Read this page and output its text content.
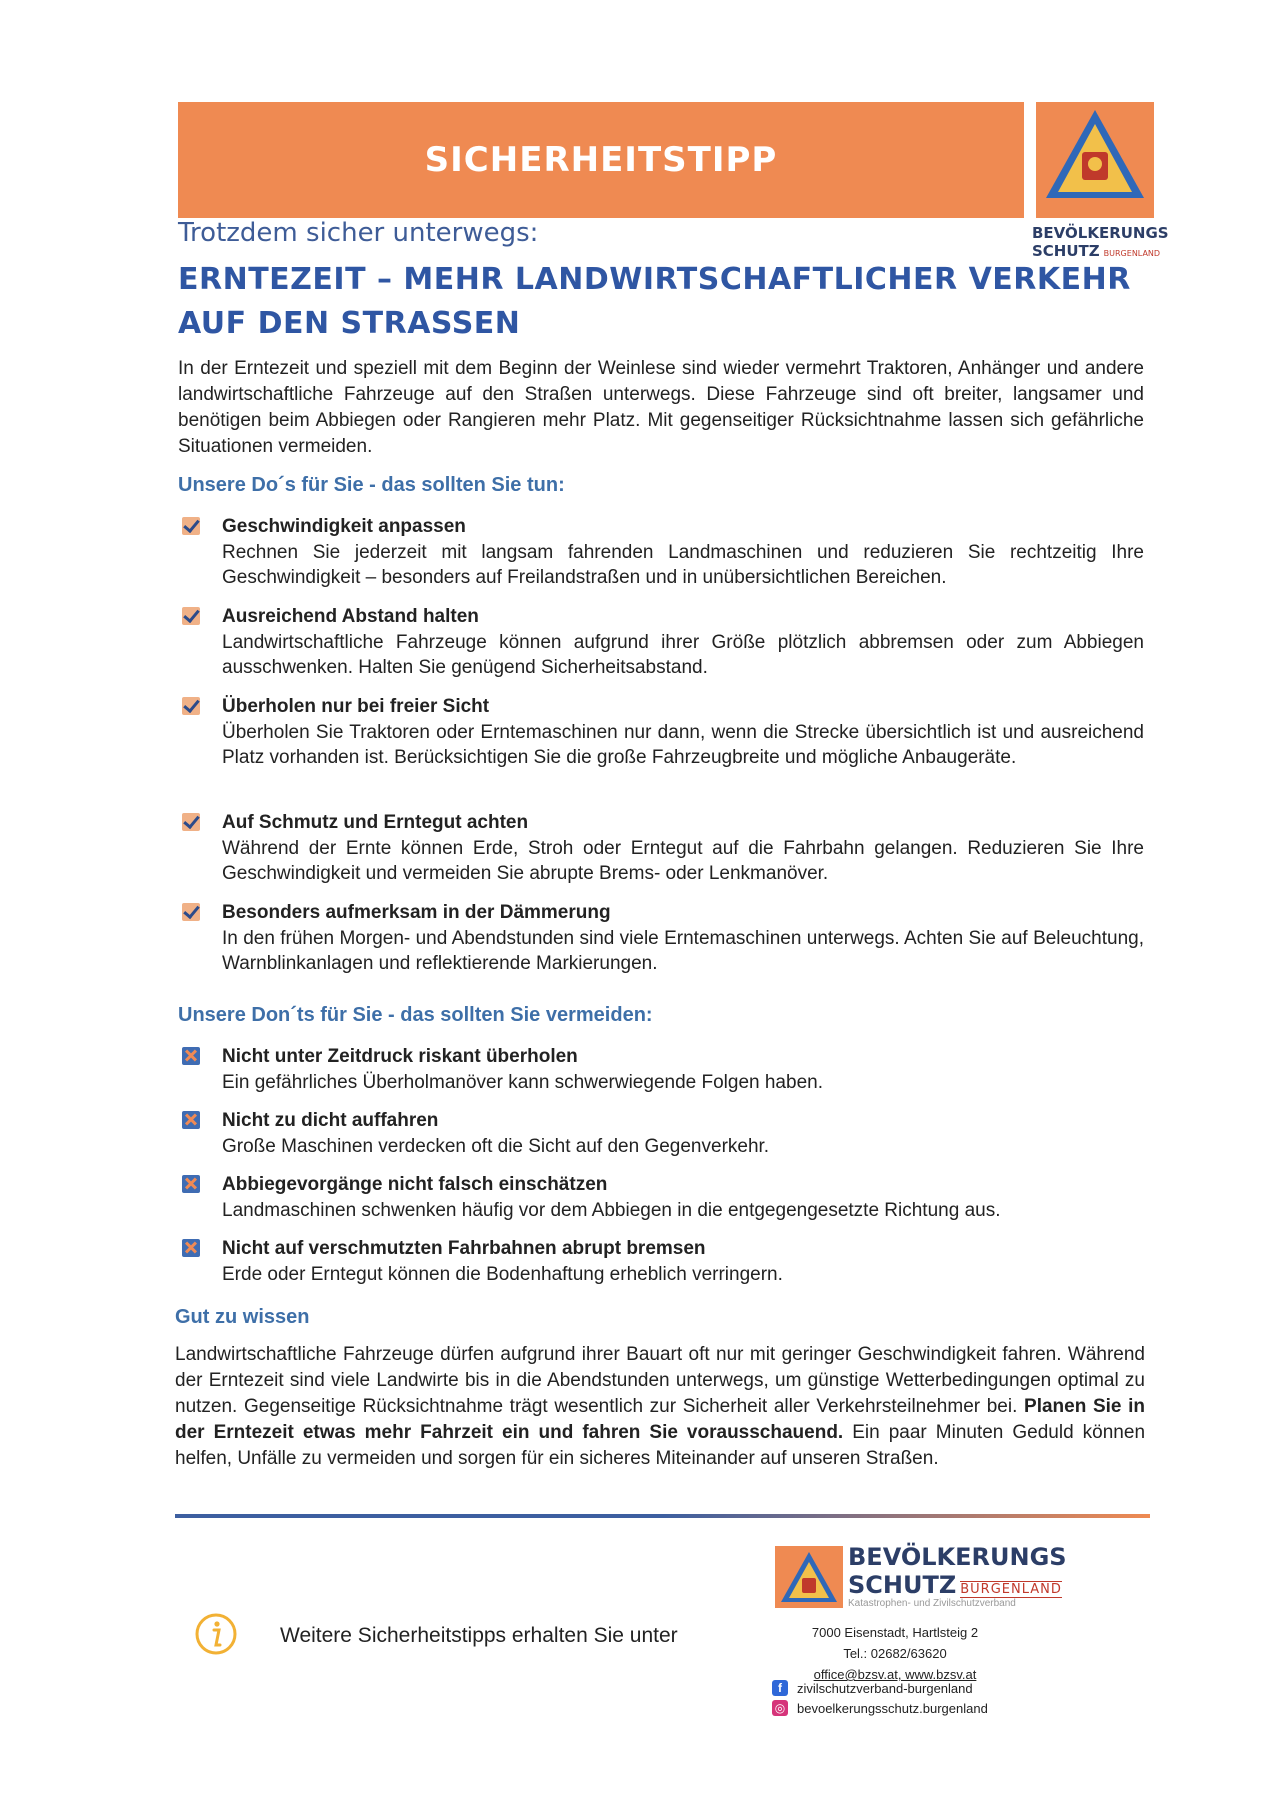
SICHERHEITSTIPP
BEVÖLKERUNGS
SCHUTZ BURGENLAND
Trotzdem sicher unterwegs:
ERNTEZEIT – MEHR LANDWIRTSCHAFTLICHER VERKEHR AUF DEN STRASSEN
In der Erntezeit und speziell mit dem Beginn der Weinlese sind wieder vermehrt Traktoren, Anhänger und andere landwirtschaftliche Fahrzeuge auf den Straßen unterwegs. Diese Fahrzeuge sind oft breiter, langsamer und benötigen beim Abbiegen oder Rangieren mehr Platz. Mit gegenseitiger Rücksichtnahme lassen sich gefährliche Situationen vermeiden.
Unsere Do´s für Sie - das sollten Sie tun:
Geschwindigkeit anpassen
Rechnen Sie jederzeit mit langsam fahrenden Landmaschinen und reduzieren Sie rechtzeitig Ihre Geschwindigkeit – besonders auf Freilandstraßen und in unübersichtlichen Bereichen.
Ausreichend Abstand halten
Landwirtschaftliche Fahrzeuge können aufgrund ihrer Größe plötzlich abbremsen oder zum Abbiegen ausschwenken. Halten Sie genügend Sicherheitsabstand.
Überholen nur bei freier Sicht
Überholen Sie Traktoren oder Erntemaschinen nur dann, wenn die Strecke übersichtlich ist und ausreichend Platz vorhanden ist. Berücksichtigen Sie die große Fahrzeugbreite und mögliche Anbaugeräte.
Auf Schmutz und Erntegut achten
Während der Ernte können Erde, Stroh oder Erntegut auf die Fahrbahn gelangen. Reduzieren Sie Ihre Geschwindigkeit und vermeiden Sie abrupte Brems- oder Lenkmanöver.
Besonders aufmerksam in der Dämmerung
In den frühen Morgen- und Abendstunden sind viele Erntemaschinen unterwegs. Achten Sie auf Beleuchtung, Warnblinkanlagen und reflektierende Markierungen.
Unsere Don´ts für Sie - das sollten Sie vermeiden:
Nicht unter Zeitdruck riskant überholen
Ein gefährliches Überholmanöver kann schwerwiegende Folgen haben.
Nicht zu dicht auffahren
Große Maschinen verdecken oft die Sicht auf den Gegenverkehr.
Abbiegevorgänge nicht falsch einschätzen
Landmaschinen schwenken häufig vor dem Abbiegen in die entgegengesetzte Richtung aus.
Nicht auf verschmutzten Fahrbahnen abrupt bremsen
Erde oder Erntegut können die Bodenhaftung erheblich verringern.
Gut zu wissen
Landwirtschaftliche Fahrzeuge dürfen aufgrund ihrer Bauart oft nur mit geringer Geschwindigkeit fahren. Während der Erntezeit sind viele Landwirte bis in die Abendstunden unterwegs, um günstige Wetterbedingungen optimal zu nutzen. Gegenseitige Rücksichtnahme trägt wesentlich zur Sicherheit aller Verkehrsteilnehmer bei. Planen Sie in der Erntezeit etwas mehr Fahrzeit ein und fahren Sie vorausschauend. Ein paar Minuten Geduld können helfen, Unfälle zu vermeiden und sorgen für ein sicheres Miteinander auf unseren Straßen.
Weitere Sicherheitstipps erhalten Sie unter
BEVÖLKERUNGS
SCHUTZ BURGENLAND
Katastrophen- und Zivilschutzverband
7000 Eisenstadt, Hartlsteig 2
Tel.: 02682/63620
office@bzsv.at, www.bzsv.at
f	zivilschutzverband-burgenland
◎ bevoelkerungsschutz.burgenland
